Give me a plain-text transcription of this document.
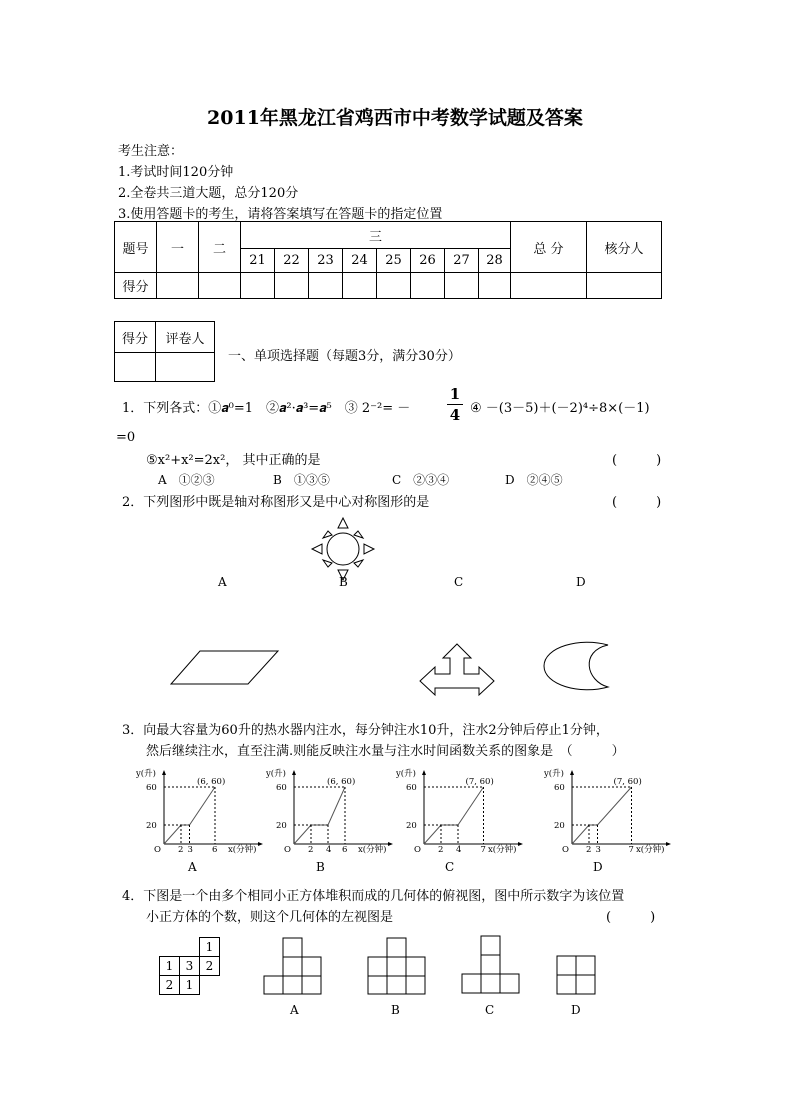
2011年黑龙江省鸡西市中考数学试题及答案
考生注意：
1.考试时间120分钟
2.全卷共三道大题，总分120分
3.使用答题卡的考生，请将答案填写在答题卡的指定位置
题号	一	二	三								总 分	核分人
			21	22	23	24	25	26	27	28		
得分												
得分	评卷人

一、单项选择题（每题3分，满分30分）
1．下列各式：①𝒂⁰=1　②𝒂²·𝒂³=𝒂⁵　③ 2⁻²= －
1
4 ④ －(3－5)＋(－2)⁴÷8×(－1)
=0
⑤x²+x²=2x²， 其中正确的是	(　　　)
A　①②③	B　①③⑤	C　②③④	D　②④⑤
2．下列图形中既是轴对称图形又是中心对称图形的是	(　　　)
A	B	C	D
3．向最大容量为60升的热水器内注水，每分钟注水10升，注水2分钟后停止1分钟，
然后继续注水，直至注满.则能反映注水量与注水时间函数关系的图象是　（　　　）
y(升)
60
20
O 2 3 6
(6, 60)
x(分钟)
y(升)
60
20
O 2 4 6
(6, 60)
x(分钟)
y(升)
60
20
O 2 4 7
(7, 60)
x(分钟)
y(升)
60
20
O 2 3	7
(7, 60)
x(分钟)
A	B	C	D
4．下图是一个由多个相同小正方体堆积而成的几何体的俯视图，图中所示数字为该位置
小正方体的个数，则这个几何体的左视图是	(　　　)
		1
1	3	2
2	1	
A	B	C	D
